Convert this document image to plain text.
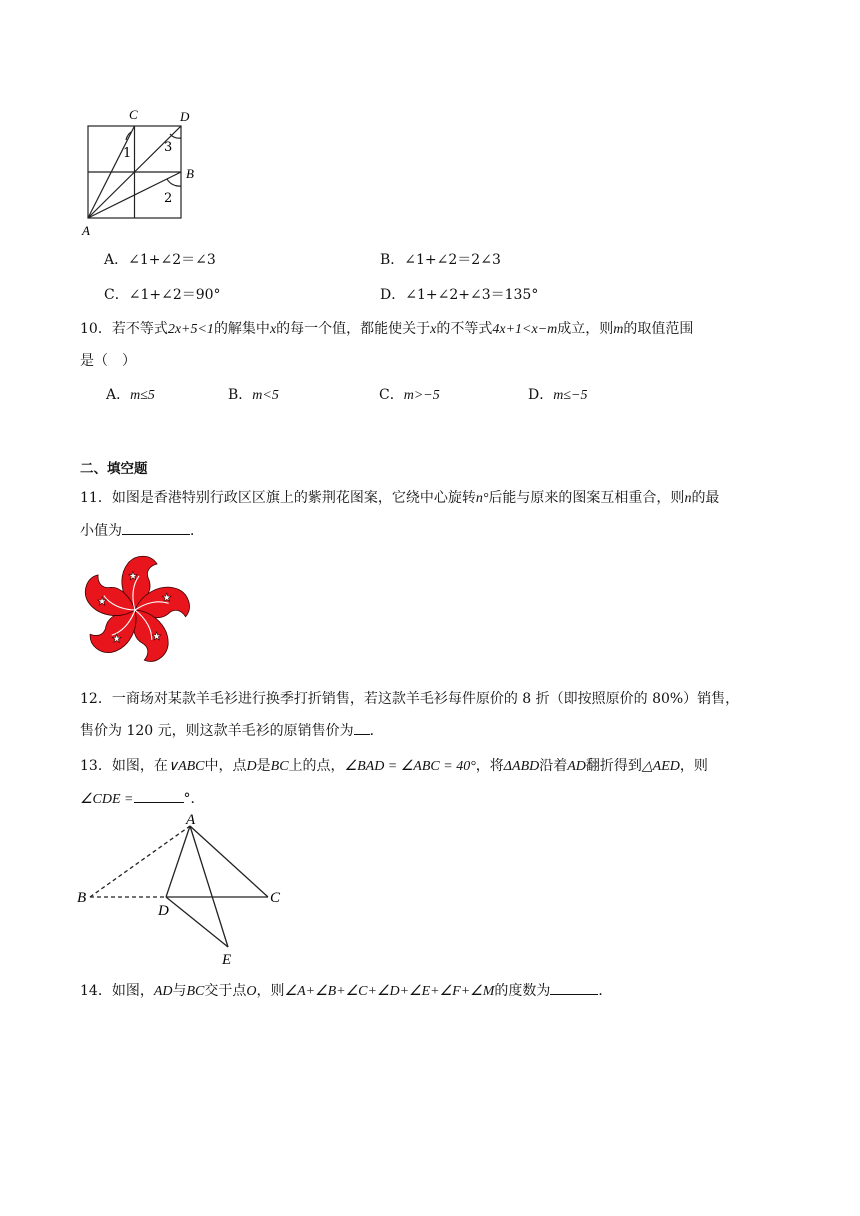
C	D
B
A
1	3
2
A．∠1+∠2＝∠3	B．∠1+∠2＝2∠3
C．∠1+∠2＝90°	D．∠1+∠2+∠3＝135°
10．若不等式2x+5<1的解集中x的每一个值，都能使关于x的不等式4x+1<x−m成立，则m的取值范围
是（　）
A．m≤5	B．m<5	C．m>−5	D．m≤−5
二、填空题
11．如图是香港特别行政区区旗上的紫荆花图案，它绕中心旋转n°后能与原来的图案互相重合，则n的最
小值为	．
12．一商场对某款羊毛衫进行换季打折销售，若这款羊毛衫每件原价的 8 折（即按照原价的 80%）销售，
售价为 120 元，则这款羊毛衫的原销售价为 ．
13．如图，在∨ABC中，点D是BC上的点，∠BAD = ∠ABC = 40°，将ΔABD沿着AD翻折得到△AED，则
∠CDE =	°．
A
B	C
D
E
14．如图，AD与BC交于点O，则∠A+∠B+∠C+∠D+∠E+∠F+∠M的度数为	．
